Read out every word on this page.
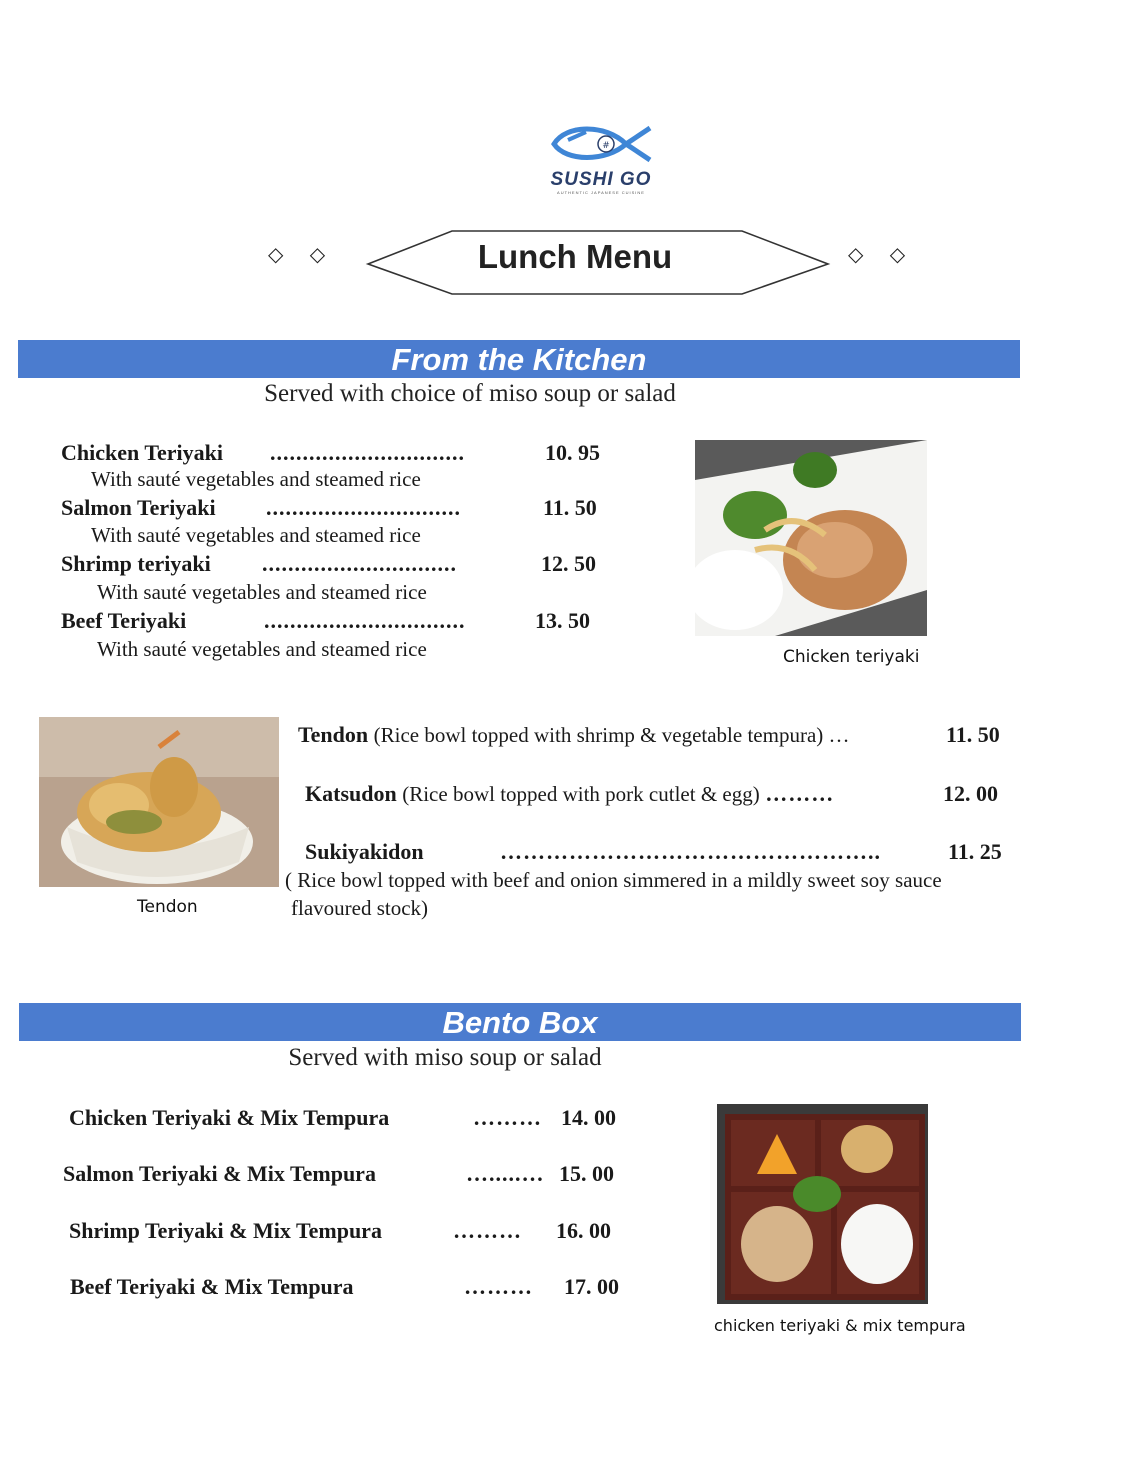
#
SUSHI GO
AUTHENTIC JAPANESE CUISINE
◇ ◇	◇ ◇
Lunch Menu
From the Kitchen
Served with choice of miso soup or salad
Chicken Teriyaki ..............................	10. 95
With sauté vegetables and steamed rice
Salmon Teriyaki ..............................	11. 50
With sauté vegetables and steamed rice
Shrimp teriyaki ..............................	12. 50
With sauté vegetables and steamed rice
Beef Teriyaki	...............................	13. 50
With sauté vegetables and steamed rice	Chicken teriyaki
Tendon
Tendon (Rice bowl topped with shrimp & vegetable tempura) …	11. 50
Katsudon (Rice bowl topped with pork cutlet & egg) ………	12. 00
Sukiyakidon	…………………………………………..	11. 25
( Rice bowl topped with beef and onion simmered in a mildly sweet soy sauce
flavoured stock)
Bento Box
Served with miso soup or salad
Chicken Teriyaki & Mix Tempura	……… 14. 00
Salmon Teriyaki & Mix Tempura	….....… 15. 00
Shrimp Teriyaki & Mix Tempura	……… 16. 00
Beef Teriyaki & Mix Tempura	……… 17. 00
chicken teriyaki & mix tempura
